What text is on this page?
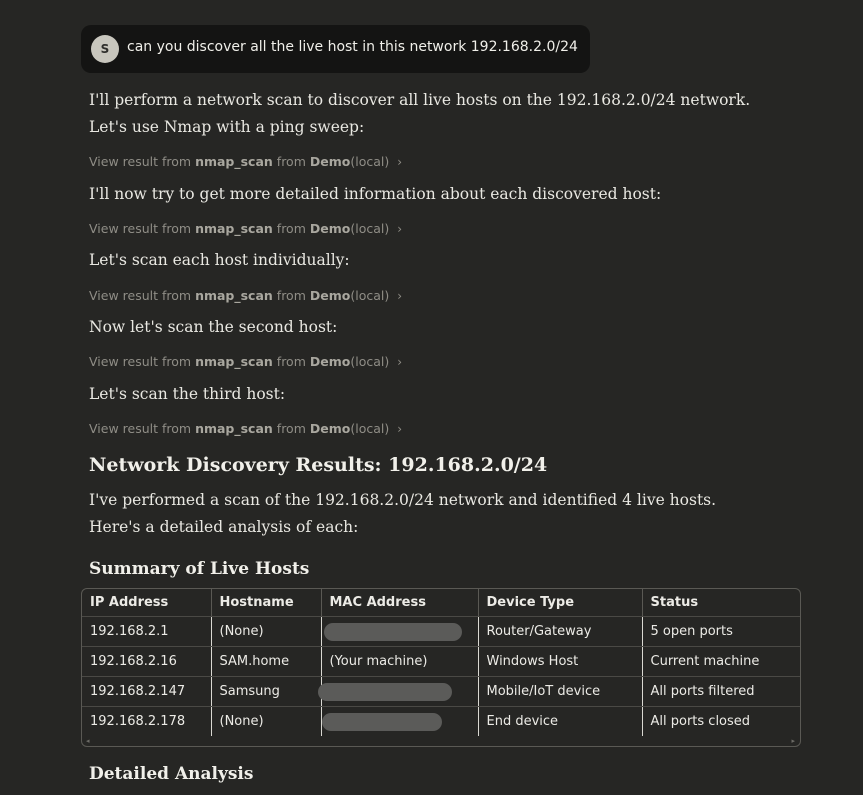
S	can you discover all the live host in this network 192.168.2.0/24

I'll perform a network scan to discover all live hosts on the 192.168.2.0/24 network. Let's use Nmap with a ping sweep:

View result from nmap_scan from Demo(local) ›

I'll now try to get more detailed information about each discovered host:

View result from nmap_scan from Demo(local) ›

Let's scan each host individually:

View result from nmap_scan from Demo(local) ›

Now let's scan the second host:

View result from nmap_scan from Demo(local) ›

Let's scan the third host:

View result from nmap_scan from Demo(local) ›
Network Discovery Results: 192.168.2.0/24

I've performed a scan of the 192.168.2.0/24 network and identified 4 live hosts. Here's a detailed analysis of each:

Summary of Live Hosts
IP Address	Hostname	MAC Address	Device Type	Status
192.168.2.1	(None)		Router/Gateway	5 open ports
192.168.2.16	SAM.home	(Your machine)	Windows Host	Current machine
192.168.2.147	Samsung		Mobile/IoT device	All ports filtered
192.168.2.178	(None)		End device	All ports closed
◂	▸
Detailed Analysis
